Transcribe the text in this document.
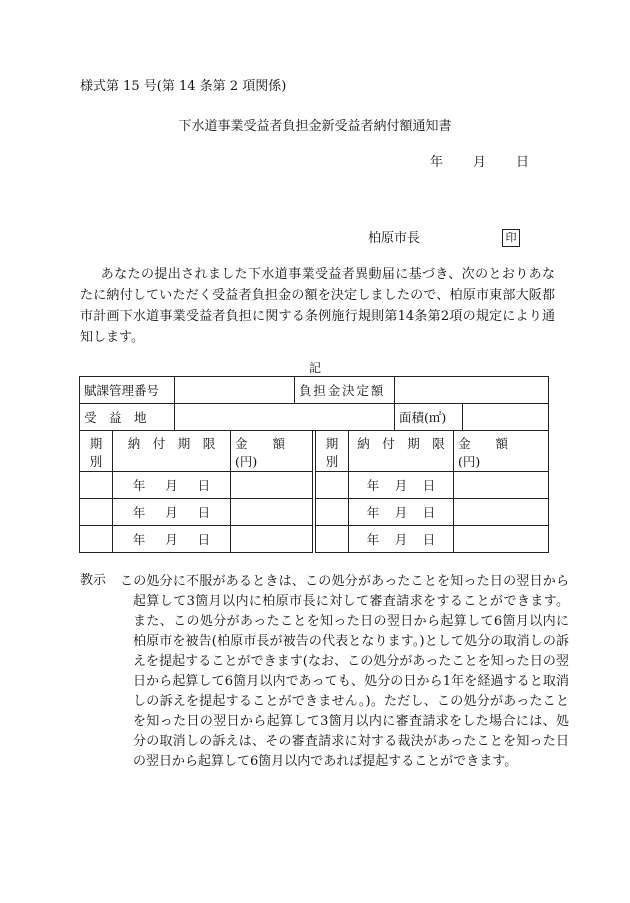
様式第 15 号(第 14 条第 2 項関係)
下水道事業受益者負担金新受益者納付額通知書
年 月 日
柏原市長	印
あなたの提出されました下水道事業受益者異動届に基づき、次のとおりあなたに納付していただく受益者負担金の額を決定しましたので、柏原市東部大阪都市計画下水道事業受益者負担に関する条例施行規則第14条第2項の規定により通知します。
記
賦課管理番号		負担金決定額		
受　益　地			面積(㎡)	
期別	納　付　期　限	金　　額
(円)

	年 月 日	

	年 月 日	

	年 月 日	

期別	納　付　期　限	金　　額
(円)

	年 月 日	

	年 月 日	

	年 月 日	

教示 この処分に不服があるときは、この処分があったことを知った日の翌日から起算して3箇月以内に柏原市長に対して審査請求をすることができます。また、この処分があったことを知った日の翌日から起算して6箇月以内に柏原市を被告(柏原市長が被告の代表となります。)として処分の取消しの訴えを提起することができます(なお、この処分があったことを知った日の翌日から起算して6箇月以内であっても、処分の日から1年を経過すると取消しの訴えを提起することができません。)。ただし、この処分があったことを知った日の翌日から起算して3箇月以内に審査請求をした場合には、処分の取消しの訴えは、その審査請求に対する裁決があったことを知った日の翌日から起算して6箇月以内であれば提起することができます。
